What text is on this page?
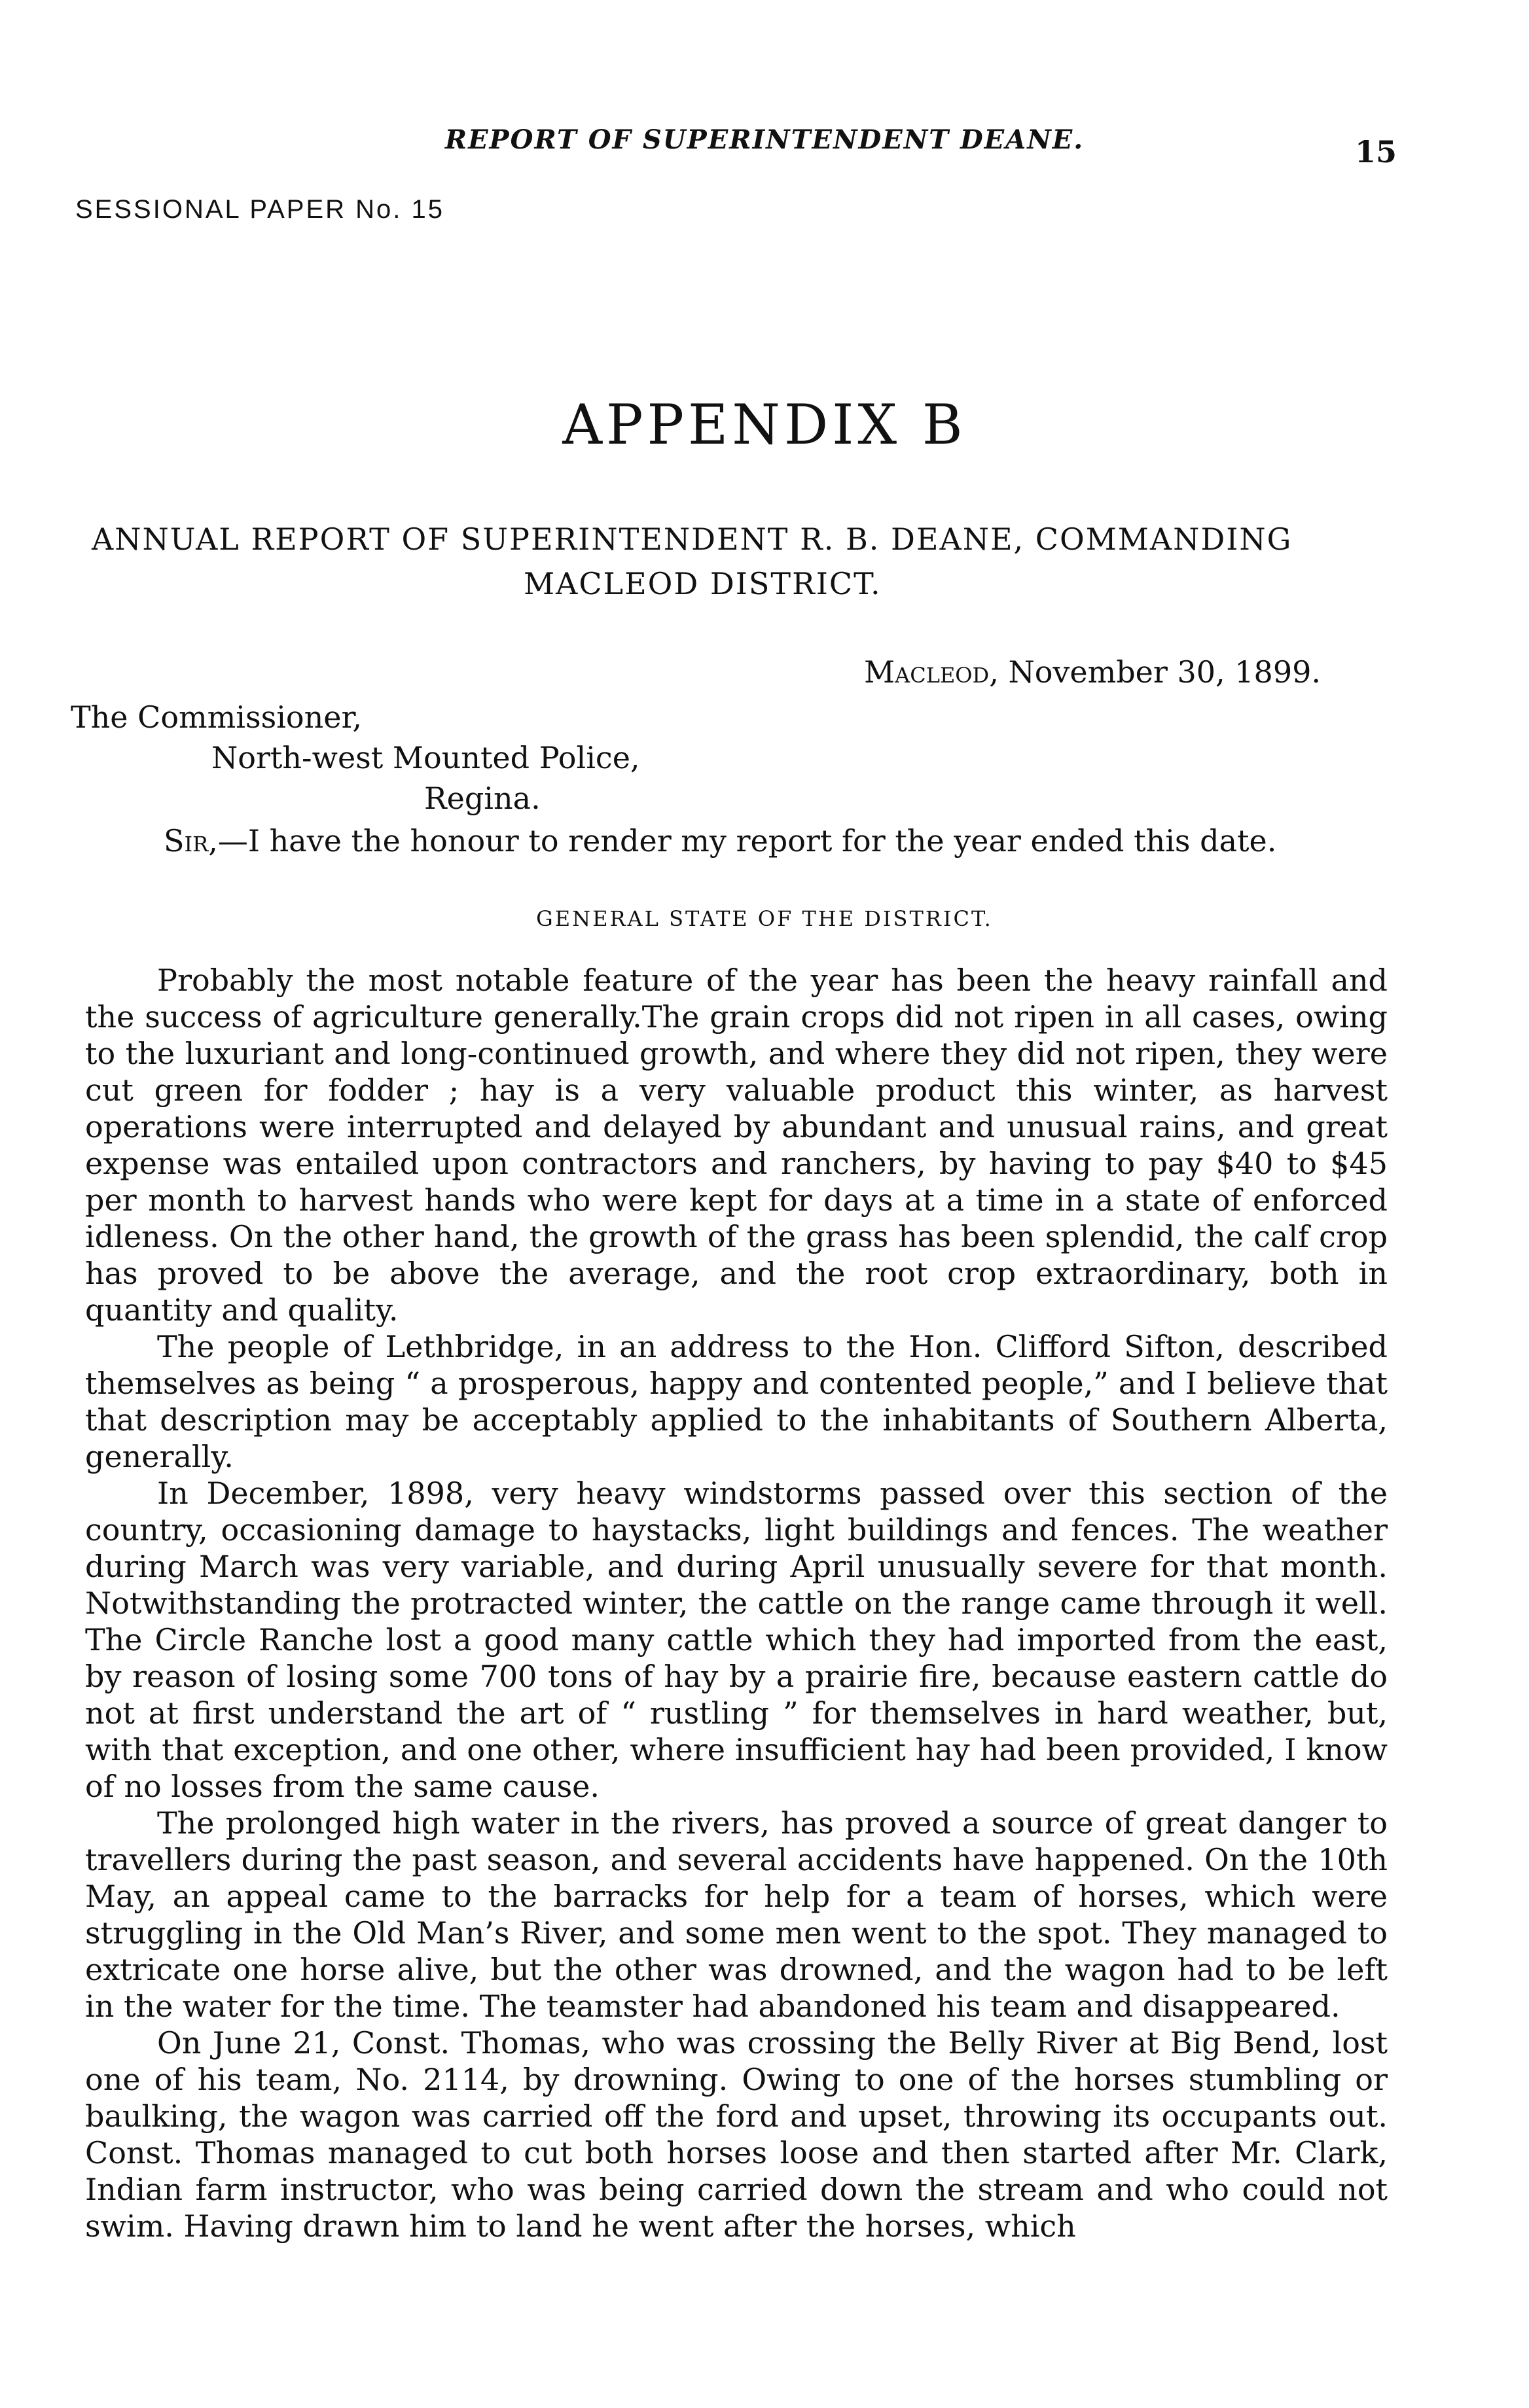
REPORT OF SUPERINTENDENT DEANE.	15
SESSIONAL PAPER No. 15
APPENDIX B
ANNUAL REPORT OF SUPERINTENDENT R. B. DEANE, COMMANDING
MACLEOD DISTRICT.
Macleod, November 30, 1899.
The Commissioner,
North-west Mounted Police,
Regina.
Sir,—I have the honour to render my report for the year ended this date.
GENERAL STATE OF THE DISTRICT.

Probably the most notable feature of the year has been the heavy rainfall and the success of agriculture generally.The grain crops did not ripen in all cases, owing to the luxuriant and long-continued growth, and where they did not ripen, they were cut green for fodder ; hay is a very valuable product this winter, as harvest operations were interrupted and delayed by abundant and unusual rains, and great expense was entailed upon contractors and ranchers, by having to pay $40 to $45 per month to harvest hands who were kept for days at a time in a state of enforced idleness. On the other hand, the growth of the grass has been splendid, the calf crop has proved to be above the average, and the root crop extraordinary, both in quantity and quality.

The people of Lethbridge, in an address to the Hon. Clifford Sifton, described themselves as being “ a prosperous, happy and contented people,” and I believe that that description may be acceptably applied to the inhabitants of Southern Alberta, generally.

In December, 1898, very heavy windstorms passed over this section of the country, occasioning damage to haystacks, light buildings and fences. The weather during March was very variable, and during April unusually severe for that month. Notwithstanding the protracted winter, the cattle on the range came through it well. The Circle Ranche lost a good many cattle which they had imported from the east, by reason of losing some 700 tons of hay by a prairie fire, because eastern cattle do not at first understand the art of “ rustling ” for themselves in hard weather, but, with that exception, and one other, where insufficient hay had been provided, I know of no losses from the same cause.

The prolonged high water in the rivers, has proved a source of great danger to travellers during the past season, and several accidents have happened. On the 10th May, an appeal came to the barracks for help for a team of horses, which were struggling in the Old Man’s River, and some men went to the spot. They managed to extricate one horse alive, but the other was drowned, and the wagon had to be left in the water for the time. The teamster had abandoned his team and disappeared.

On June 21, Const. Thomas, who was crossing the Belly River at Big Bend, lost one of his team, No. 2114, by drowning. Owing to one of the horses stumbling or baulking, the wagon was carried off the ford and upset, throwing its occupants out. Const. Thomas managed to cut both horses loose and then started after Mr. Clark, Indian farm instructor, who was being carried down the stream and who could not swim. Having drawn him to land he went after the horses, which
